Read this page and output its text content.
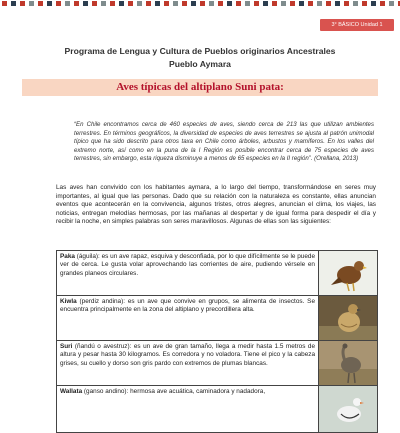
3° BÁSICO Unidad 1
Programa de Lengua y Cultura de Pueblos originarios Ancestrales
Pueblo Aymara
Aves típicas del altiplano Suni pata:
“En Chile encontramos cerca de 460 especies de aves, siendo cerca de 213 las que utilizan ambientes terrestres. En términos geográficos, la diversidad de especies de aves terrestres se ajusta al patrón unimodal típico que ha sido descrito para otros taxa en Chile como árboles, arbustos y mamíferos. En los valles del extremo norte, así como en la puna de la I Región es posible encontrar cerca de 75 especies de aves terrestres, sin embargo, esta riqueza disminuye a menos de 65 especies en la II región”. (Orellana, 2013)
Las aves han convivido con los habitantes aymara, a lo largo del tiempo, transformándose en seres muy importantes, al igual que las personas. Dado que su relación con la naturaleza es constante, ellas anuncian eventos que acontecerán en la convivencia, algunos tristes, otros alegres, anuncian el clima, los viajes, las noticias, entregan melodías hermosas, por las mañanas al despertar y de igual forma para despedir el día y recibir la noche, en simples palabras son seres maravillosos. Algunas de ellas son las siguientes:
Paka (águila): es un ave rapaz, esquiva y desconfiada, por lo que difícilmente se le puede ver de cerca. Le gusta volar aprovechando las corrientes de aire, pudiendo vérsele en grandes planeos circulares.
Kiwla (perdiz andina): es un ave que convive en grupos, se alimenta de insectos. Se encuentra principalmente en la zona del altiplano y precordillera alta.
Suri (ñandú o avestruz): es un ave de gran tamaño, llega a medir hasta 1.5 metros de altura y pesar hasta 30 kilogramos. Es corredora y no voladora. Tiene el pico y la cabeza grises, su cuello y dorso son gris pardo con extremos de plumas blancas.
Wallata (ganso andino): hermosa ave acuática, caminadora y nadadora,
